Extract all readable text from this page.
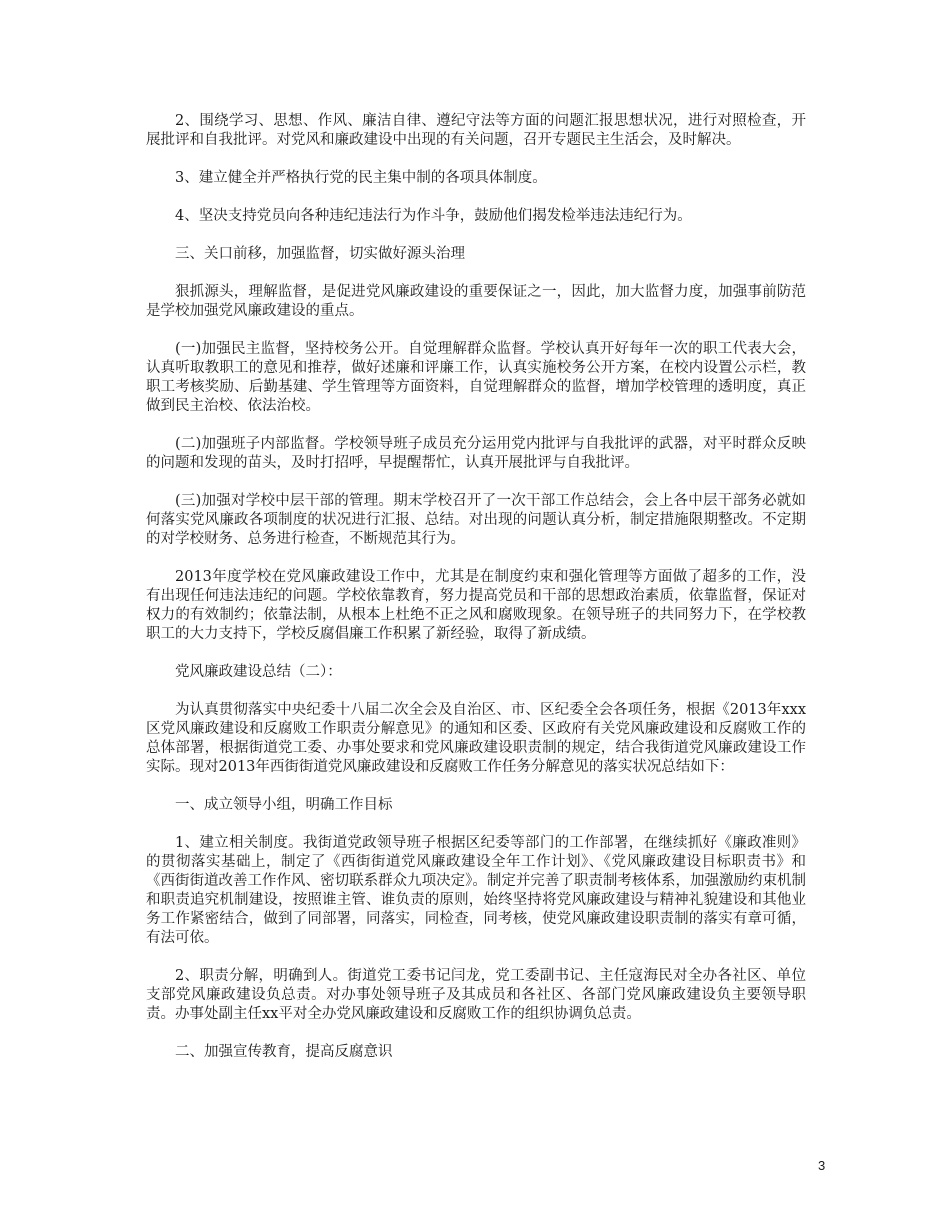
2、围绕学习、思想、作风、廉洁自律、遵纪守法等方面的问题汇报思想状况，进行对照检查，开展批评和自我批评。对党风和廉政建设中出现的有关问题，召开专题民主生活会，及时解决。

3、建立健全并严格执行党的民主集中制的各项具体制度。

4、坚决支持党员向各种违纪违法行为作斗争，鼓励他们揭发检举违法违纪行为。

三、关口前移，加强监督，切实做好源头治理

狠抓源头，理解监督，是促进党风廉政建设的重要保证之一，因此，加大监督力度，加强事前防范是学校加强党风廉政建设的重点。

(一)加强民主监督，坚持校务公开。自觉理解群众监督。学校认真开好每年一次的职工代表大会，认真听取教职工的意见和推荐，做好述廉和评廉工作，认真实施校务公开方案，在校内设置公示栏，教职工考核奖励、后勤基建、学生管理等方面资料，自觉理解群众的监督，增加学校管理的透明度，真正做到民主治校、依法治校。

(二)加强班子内部监督。学校领导班子成员充分运用党内批评与自我批评的武器，对平时群众反映的问题和发现的苗头，及时打招呼，早提醒帮忙，认真开展批评与自我批评。

(三)加强对学校中层干部的管理。期末学校召开了一次干部工作总结会，会上各中层干部务必就如何落实党风廉政各项制度的状况进行汇报、总结。对出现的问题认真分析，制定措施限期整改。不定期的对学校财务、总务进行检查，不断规范其行为。

2013年度学校在党风廉政建设工作中，尤其是在制度约束和强化管理等方面做了超多的工作，没有出现任何违法违纪的问题。学校依靠教育，努力提高党员和干部的思想政治素质，依靠监督，保证对权力的有效制约；依靠法制，从根本上杜绝不正之风和腐败现象。在领导班子的共同努力下，在学校教职工的大力支持下，学校反腐倡廉工作积累了新经验，取得了新成绩。

党风廉政建设总结（二）：

为认真贯彻落实中央纪委十八届二次全会及自治区、市、区纪委全会各项任务，根据《2013年xxx区党风廉政建设和反腐败工作职责分解意见》的通知和区委、区政府有关党风廉政建设和反腐败工作的总体部署，根据街道党工委、办事处要求和党风廉政建设职责制的规定，结合我街道党风廉政建设工作实际。现对2013年西街街道党风廉政建设和反腐败工作任务分解意见的落实状况总结如下：

一、成立领导小组，明确工作目标

1、建立相关制度。我街道党政领导班子根据区纪委等部门的工作部署，在继续抓好《廉政准则》的贯彻落实基础上，制定了《西街街道党风廉政建设全年工作计划》、《党风廉政建设目标职责书》和《西街街道改善工作作风、密切联系群众九项决定》。制定并完善了职责制考核体系，加强激励约束机制和职责追究机制建设，按照谁主管、谁负责的原则，始终坚持将党风廉政建设与精神礼貌建设和其他业务工作紧密结合，做到了同部署，同落实，同检查，同考核，使党风廉政建设职责制的落实有章可循，有法可依。

2、职责分解，明确到人。街道党工委书记闫龙，党工委副书记、主任寇海民对全办各社区、单位支部党风廉政建设负总责。对办事处领导班子及其成员和各社区、各部门党风廉政建设负主要领导职责。办事处副主任xx平对全办党风廉政建设和反腐败工作的组织协调负总责。

二、加强宣传教育，提高反腐意识

3
